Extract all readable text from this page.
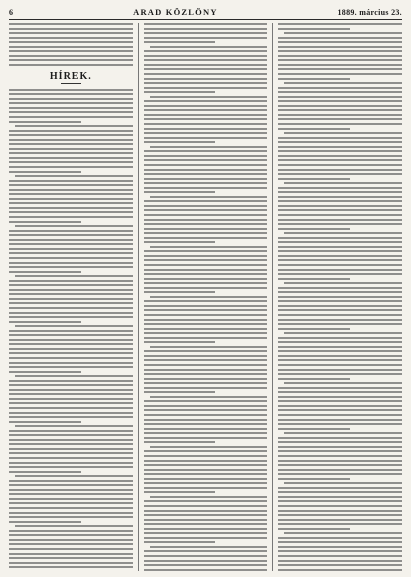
6	ARAD KÖZLÖNY	1889. március 23.
HÍREK.
